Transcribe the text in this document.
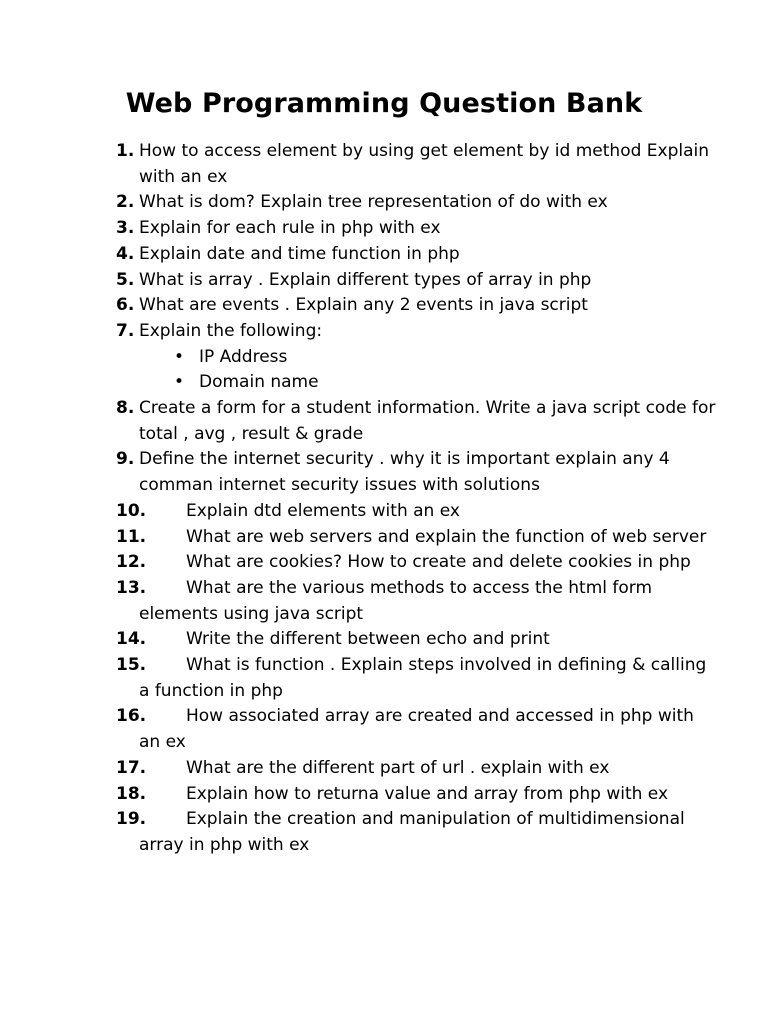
Web Programming Question Bank
1. How to access element by using get element by id method Explain with an ex
2. What is dom? Explain tree representation of do with ex
3. Explain for each rule in php with ex
4. Explain date and time function in php
5. What is array . Explain different types of array in php
6. What are events . Explain any 2 events in java script
7. Explain the following:
• IP Address
• Domain name
8. Create a form for a student information. Write a java script code for total , avg , result & grade
9. Define the internet security . why it is important explain any 4 comman internet security issues with solutions
10.	Explain dtd elements with an ex
11.	What are web servers and explain the function of web server
12.	What are cookies? How to create and delete cookies in php
13.	What are the various methods to access the html form elements using java script
14.	Write the different between echo and print
15.	What is function . Explain steps involved in defining & calling a function in php
16.	How associated array are created and accessed in php with an ex
17.	What are the different part of url . explain with ex
18.	Explain how to returna value and array from php with ex
19.	Explain the creation and manipulation of multidimensional array in php with ex
